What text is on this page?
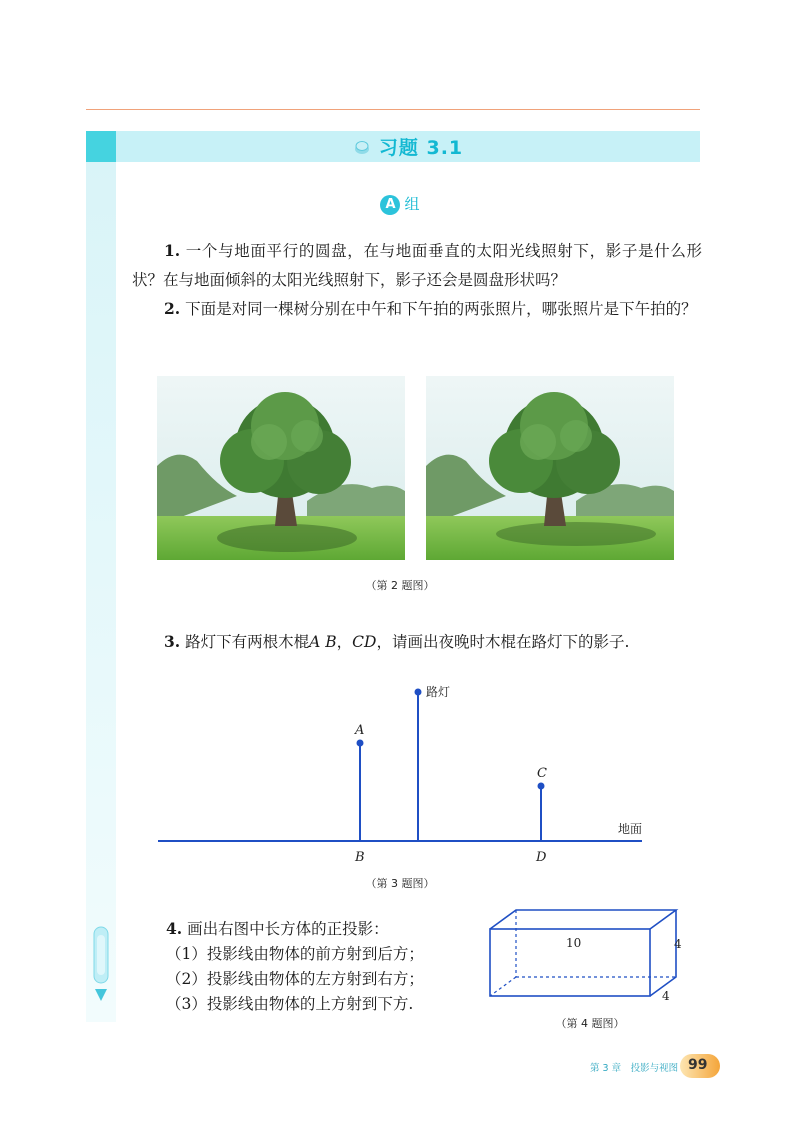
习题 3.1
A 组
1. 一个与地面平行的圆盘，在与地面垂直的太阳光线照射下，影子是什么形状？在与地面倾斜的太阳光线照射下，影子还会是圆盘形状吗？
2. 下面是对同一棵树分别在中午和下午拍的两张照片，哪张照片是下午拍的？
（第 2 题图）
3. 路灯下有两根木棍A B，CD，请画出夜晚时木棍在路灯下的影子.
路灯
地面
A
B
C
D
（第 3 题图）
4. 画出右图中长方体的正投影：
（1）投影线由物体的前方射到后方；
（2）投影线由物体的左方射到右方；
（3）投影线由物体的上方射到下方.
10	4
4
（第 4 题图）
第 3 章　投影与视图 99
